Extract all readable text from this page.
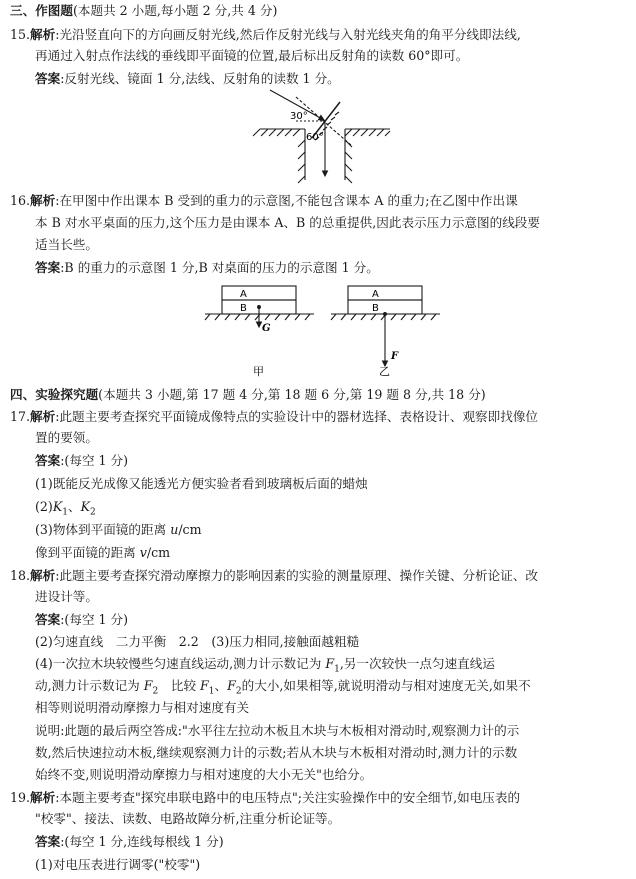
三、作图题(本题共 2 小题,每小题 2 分,共 4 分)
15.解析:光沿竖直向下的方向画反射光线,然后作反射光线与入射光线夹角的角平分线即法线,
再通过入射点作法线的垂线即平面镜的位置,最后标出反射角的读数 60°即可。
答案:反射光线、镜面 1 分,法线、反射角的读数 1 分。
30°
60°
16.解析:在甲图中作出课本 B 受到的重力的示意图,不能包含课本 A 的重力;在乙图中作出课
本 B 对水平桌面的压力,这个压力是由课本 A、B 的总重提供,因此表示压力示意图的线段要
适当长些。
答案:B 的重力的示意图 1 分,B 对桌面的压力的示意图 1 分。
A
B
G
A
B
F
甲	乙
四、实验探究题(本题共 3 小题,第 17 题 4 分,第 18 题 6 分,第 19 题 8 分,共 18 分)
17.解析:此题主要考查探究平面镜成像特点的实验设计中的器材选择、表格设计、观察即找像位
置的要领。
答案:(每空 1 分)
(1)既能反光成像又能透光方便实验者看到玻璃板后面的蜡烛
$(2)K_1$、$K_2$
(3)物体到平面镜的距离 u/cm
像到平面镜的距离 v/cm
18.解析:此题主要考查探究滑动摩擦力的影响因素的实验的测量原理、操作关键、分析论证、改
进设计等。
答案:(每空 1 分)
(2)匀速直线　二力平衡　2.2　(3)压力相同,接触面越粗糙
(4)一次拉木块较慢些匀速直线运动,测力计示数记为 $F_1$,另一次较快一点匀速直线运
动,测力计示数记为 $F_2$　比较 $F_1$、$F_2$的大小,如果相等,就说明滑动与相对速度无关,如果不
相等则说明滑动摩擦力与相对速度有关
说明:此题的最后两空答成:"水平往左拉动木板且木块与木板相对滑动时,观察测力计的示
数,然后快速拉动木板,继续观察测力计的示数;若从木块与木板相对滑动时,测力计的示数
始终不变,则说明滑动摩擦力与相对速度的大小无关"也给分。
19.解析:本题主要考查"探究串联电路中的电压特点";关注实验操作中的安全细节,如电压表的
"校零"、接法、读数、电路故障分析,注重分析论证等。
答案:(每空 1 分,连线每根线 1 分)
(1)对电压表进行调零("校零")
